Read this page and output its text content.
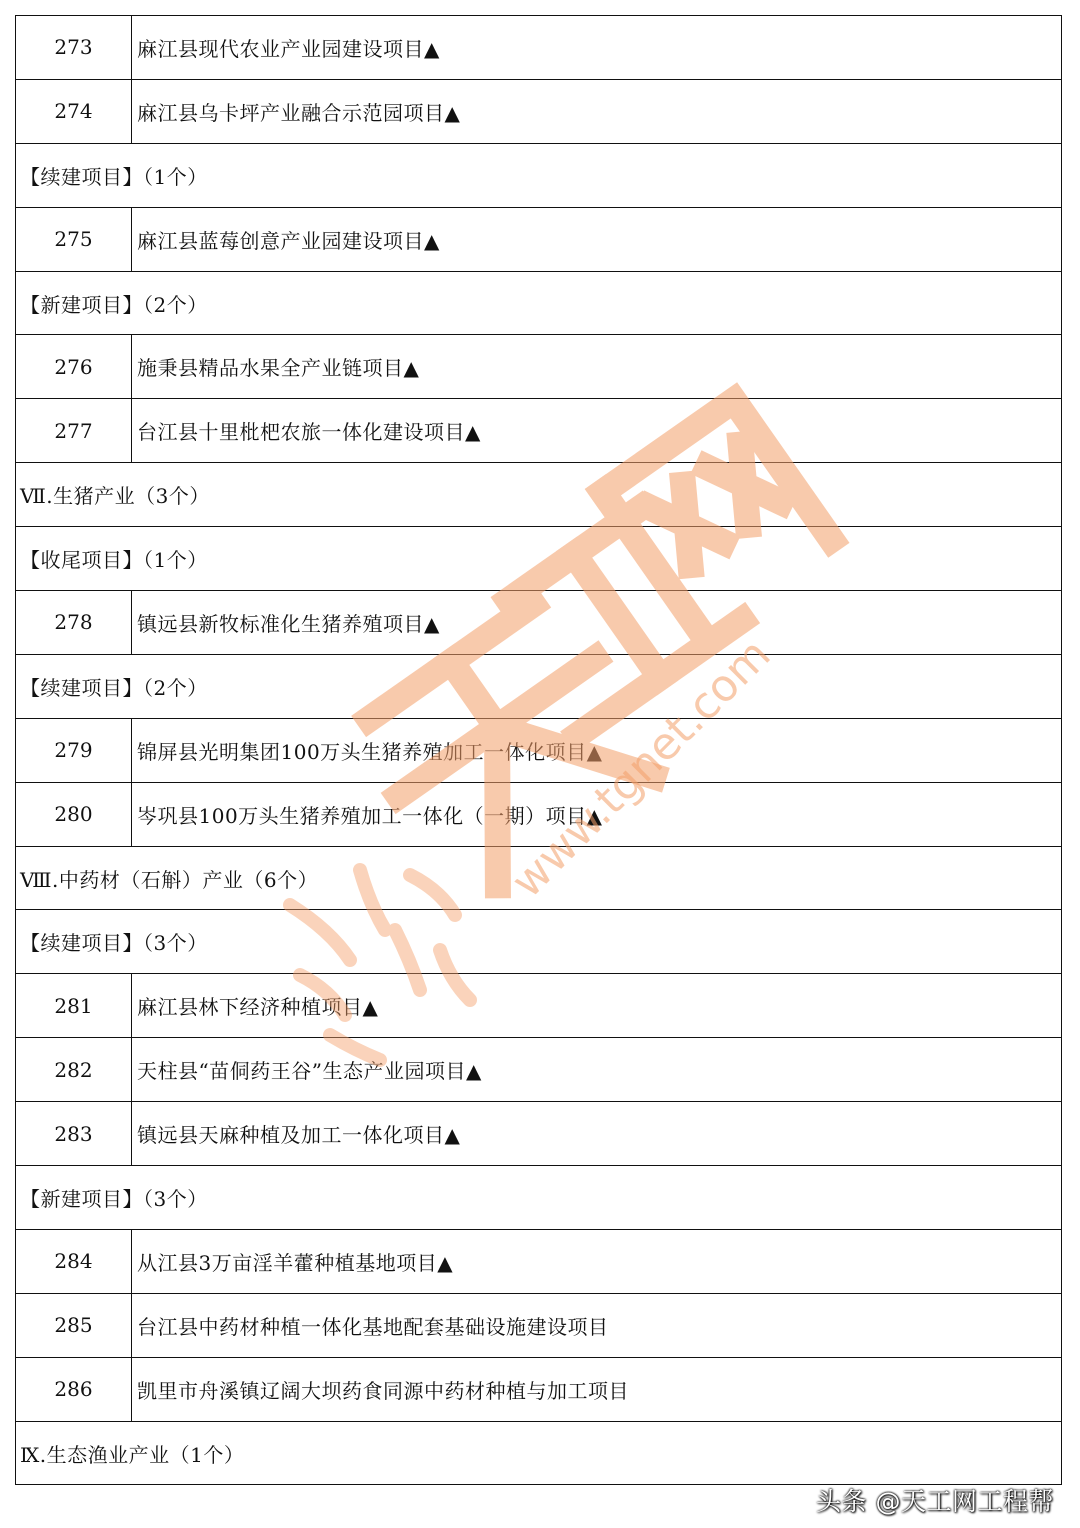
273	麻江县现代农业产业园建设项目▲
274	麻江县乌卡坪产业融合示范园项目▲
【续建项目】（1个）
275	麻江县蓝莓创意产业园建设项目▲
【新建项目】（2个）
276	施秉县精品水果全产业链项目▲
277	台江县十里枇杷农旅一体化建设项目▲
Ⅶ.生猪产业（3个）
【收尾项目】（1个）
278	镇远县新牧标准化生猪养殖项目▲
【续建项目】（2个）
279	锦屏县光明集团100万头生猪养殖加工一体化项目▲
280	岑巩县100万头生猪养殖加工一体化（一期）项目▲
Ⅷ.中药材（石斛）产业（6个）
【续建项目】（3个）
281	麻江县林下经济种植项目▲
282	天柱县“苗侗药王谷”生态产业园项目▲
283	镇远县天麻种植及加工一体化项目▲
【新建项目】（3个）
284	从江县3万亩淫羊藿种植基地项目▲
285	台江县中药材种植一体化基地配套基础设施建设项目
286	凯里市舟溪镇辽阔大坝药食同源中药材种植与加工项目
Ⅸ.生态渔业产业（1个）
www.tgnet.com
头条 @天工网工程帮
